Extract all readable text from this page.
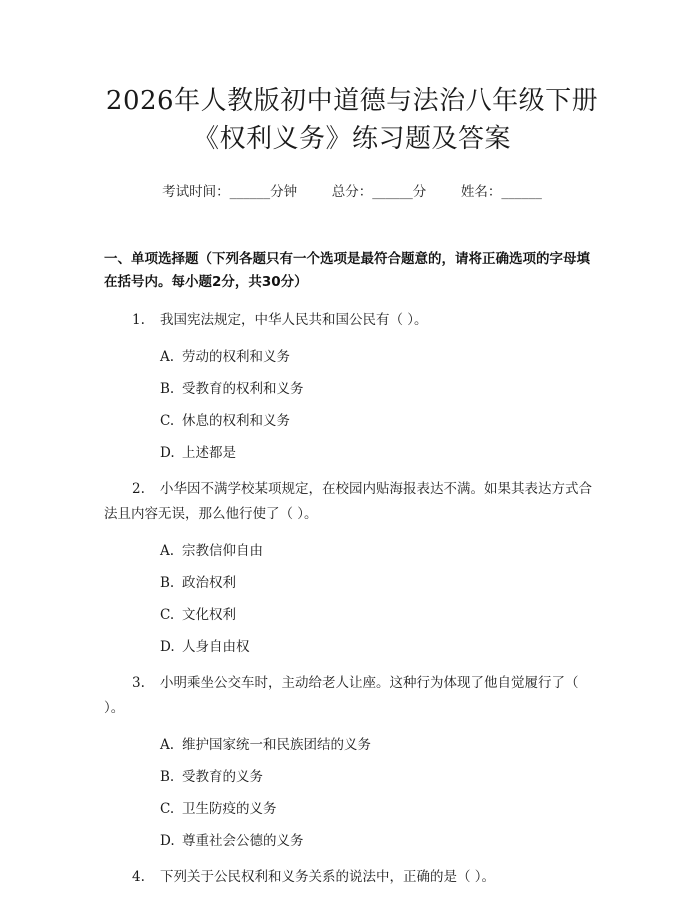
2026年人教版初中道德与法治八年级下册
《权利义务》练习题及答案
考试时间：______分钟	总分：______分	姓名：______
一、单项选择题（下列各题只有一个选项是最符合题意的，请将正确选项的字母填在括号内。每小题2分，共30分）
1. 我国宪法规定，中华人民共和国公民有（ ）。
A. 劳动的权利和义务
B. 受教育的权利和义务
C. 休息的权利和义务
D. 上述都是
2. 小华因不满学校某项规定，在校园内贴海报表达不满。如果其表达方式合法且内容无误，那么他行使了（ ）。
A. 宗教信仰自由
B. 政治权利
C. 文化权利
D. 人身自由权
3. 小明乘坐公交车时，主动给老人让座。这种行为体现了他自觉履行了（ ）。
A. 维护国家统一和民族团结的义务
B. 受教育的义务
C. 卫生防疫的义务
D. 尊重社会公德的义务
4. 下列关于公民权利和义务关系的说法中，正确的是（ ）。
